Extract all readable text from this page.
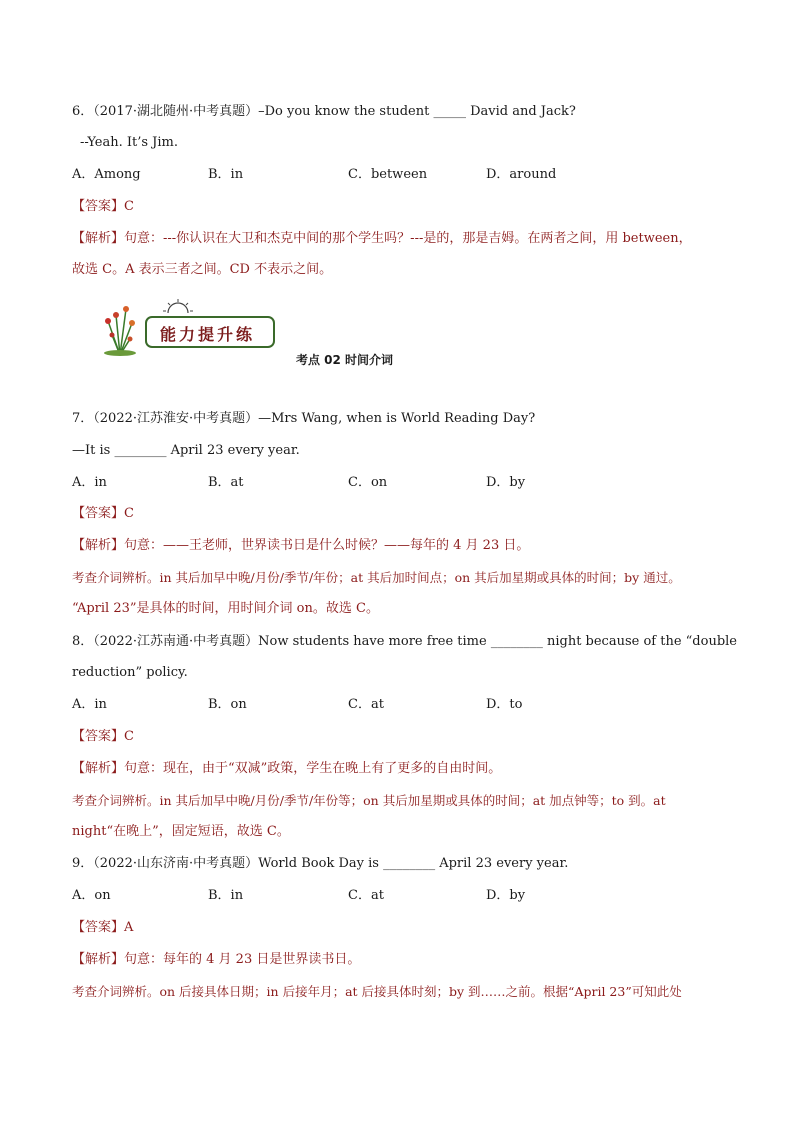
6．（2017·湖北随州·中考真题）–Do you know the student _____ David and Jack?
--Yeah. It’s Jim.
A．Among	B．in	C．between	D．around
【答案】C
【解析】句意：---你认识在大卫和杰克中间的那个学生吗？---是的，那是吉姆。在两者之间，用 between，
故选 C。A 表示三者之间。CD 不表示之间。
能力提升练
考点 02 时间介词
7．（2022·江苏淮安·中考真题）—Mrs Wang, when is World Reading Day?
—It is ________ April 23 every year.
A．in	B．at	C．on	D．by
【答案】C
【解析】句意：——王老师，世界读书日是什么时候？——每年的 4 月 23 日。
考查介词辨析。in 其后加早中晚/月份/季节/年份；at 其后加时间点；on 其后加星期或具体的时间；by 通过。
“April 23”是具体的时间，用时间介词 on。故选 C。
8．（2022·江苏南通·中考真题）Now students have more free time ________ night because of the “double
reduction” policy.
A．in	B．on	C．at	D．to
【答案】C
【解析】句意：现在，由于“双减”政策，学生在晚上有了更多的自由时间。
考查介词辨析。in 其后加早中晚/月份/季节/年份等；on 其后加星期或具体的时间；at 加点钟等；to 到。at
night“在晚上”，固定短语，故选 C。
9．（2022·山东济南·中考真题）World Book Day is ________ April 23 every year.
A．on	B．in	C．at	D．by
【答案】A
【解析】句意：每年的 4 月 23 日是世界读书日。
考查介词辨析。on 后接具体日期；in 后接年月；at 后接具体时刻；by 到……之前。根据“April 23”可知此处
